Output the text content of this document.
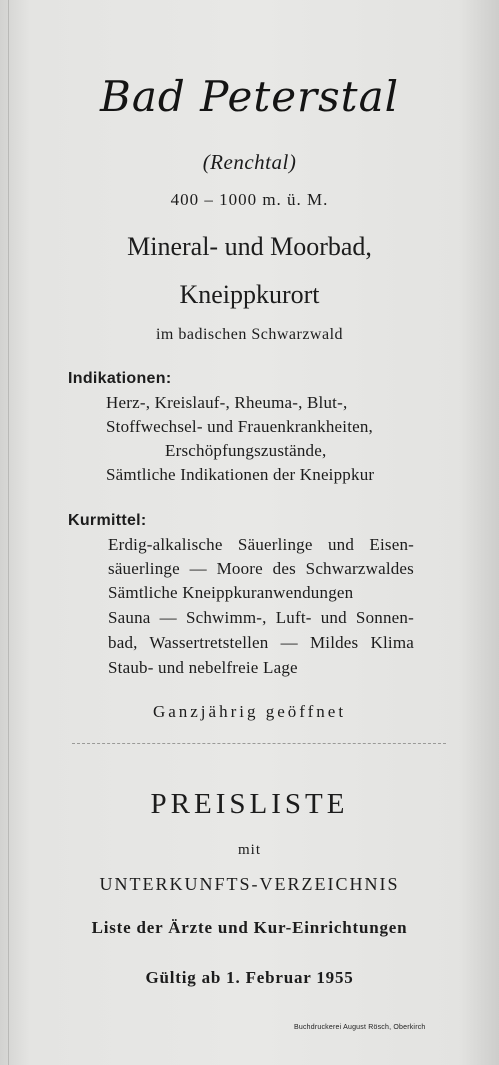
Bad Peterstal
(Renchtal)
400 – 1000 m. ü. M.
Mineral- und Moorbad,
Kneippkurort
im badischen Schwarzwald
Indikationen:
Herz-, Kreislauf-, Rheuma-, Blut-,
Stoffwechsel- und Frauenkrankheiten,
Erschöpfungszustände,
Sämtliche Indikationen der Kneippkur
Kurmittel:
Erdig-alkalische Säuerlinge und Eisen-
säuerlinge — Moore des Schwarzwaldes
Sämtliche Kneippkuranwendungen
Sauna — Schwimm-, Luft- und Sonnen-
bad, Wassertretstellen — Mildes Klima
Staub- und nebelfreie Lage
Ganzjährig geöffnet
PREISLISTE
mit
UNTERKUNFTS-VERZEICHNIS
Liste der Ärzte und Kur-Einrichtungen
Gültig ab 1. Februar 1955
Buchdruckerei August Rösch, Oberkirch
